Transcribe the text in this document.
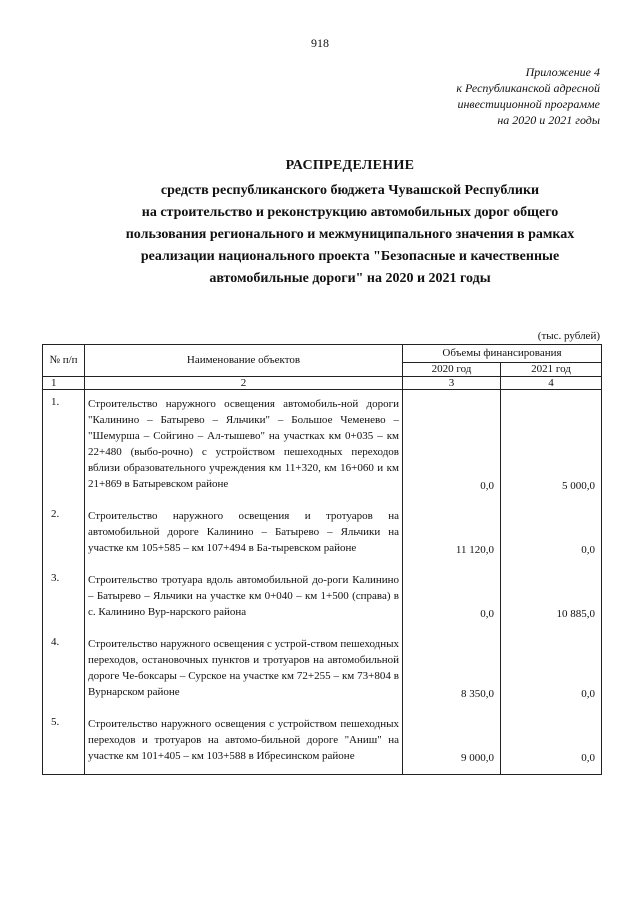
918
Приложение 4
к Республиканской адресной
инвестиционной программе
на 2020 и 2021 годы
РАСПРЕДЕЛЕНИЕ
средств республиканского бюджета Чувашской Республики
на строительство и реконструкцию автомобильных дорог общего
пользования регионального и межмуниципального значения в рамках
реализации национального проекта "Безопасные и качественные
автомобильные дороги" на 2020 и 2021 годы
(тыс. рублей)
№ п/п	Наименование объектов	Объемы финансирования	
		2020 год	2021 год
1	2	3	4
1.	Строительство наружного освещения автомобиль-ной дороги "Калинино – Батырево – Яльчики" – Большое Чеменево – "Шемурша – Сойгино – Ал-тышево" на участках км 0+035 – км 22+480 (выбо-рочно) с устройством пешеходных переходов вблизи образовательного учреждения км 11+320, км 16+060 и км 21+869 в Батыревском районе	0,0	5 000,0
2.	Строительство наружного освещения и тротуаров на автомобильной дороге Калинино – Батырево – Яльчики на участке км 105+585 – км 107+494 в Ба-тыревском районе	11 120,0	0,0
3.	Строительство тротуара вдоль автомобильной до-роги Калинино – Батырево – Яльчики на участке км 0+040 – км 1+500 (справа) в с. Калинино Вур-нарского района	0,0	10 885,0
4.	Строительство наружного освещения с устрой-ством пешеходных переходов, остановочных пунктов и тротуаров на автомобильной дороге Че-боксары – Сурское на участке км 72+255 – км 73+804 в Вурнарском районе	8 350,0	0,0
5.	Строительство наружного освещения с устройством пешеходных переходов и тротуаров на автомо-бильной дороге "Аниш" на участке км 101+405 – км 103+588 в Ибресинском районе	9 000,0	0,0
